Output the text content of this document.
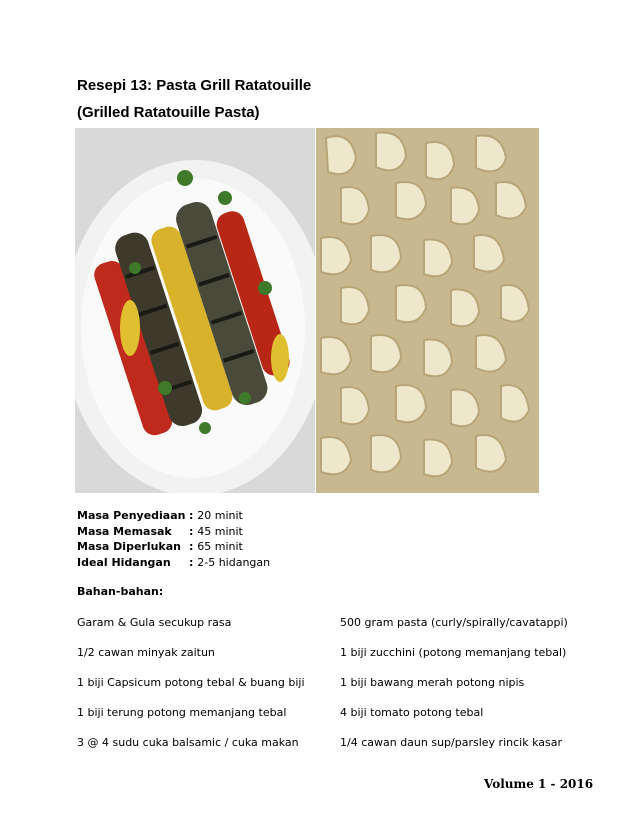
Resepi 13: Pasta Grill Ratatouille
(Grilled Ratatouille Pasta)
Masa Penyediaan : 20 minit
Masa Memasak	: 45 minit
Masa Diperlukan : 65 minit
Ideal Hidangan	: 2-5 hidangan
Bahan-bahan:
Garam & Gula secukup rasa
1/2 cawan minyak zaitun
1 biji Capsicum potong tebal & buang biji
1 biji terung potong memanjang tebal
3 @ 4 sudu cuka balsamic / cuka makan
500 gram pasta (curly/spirally/cavatappi)
1 biji zucchini (potong memanjang tebal)
1 biji bawang merah potong nipis
4 biji tomato potong tebal
1/4 cawan daun sup/parsley rincik kasar
Volume 1 - 2016
